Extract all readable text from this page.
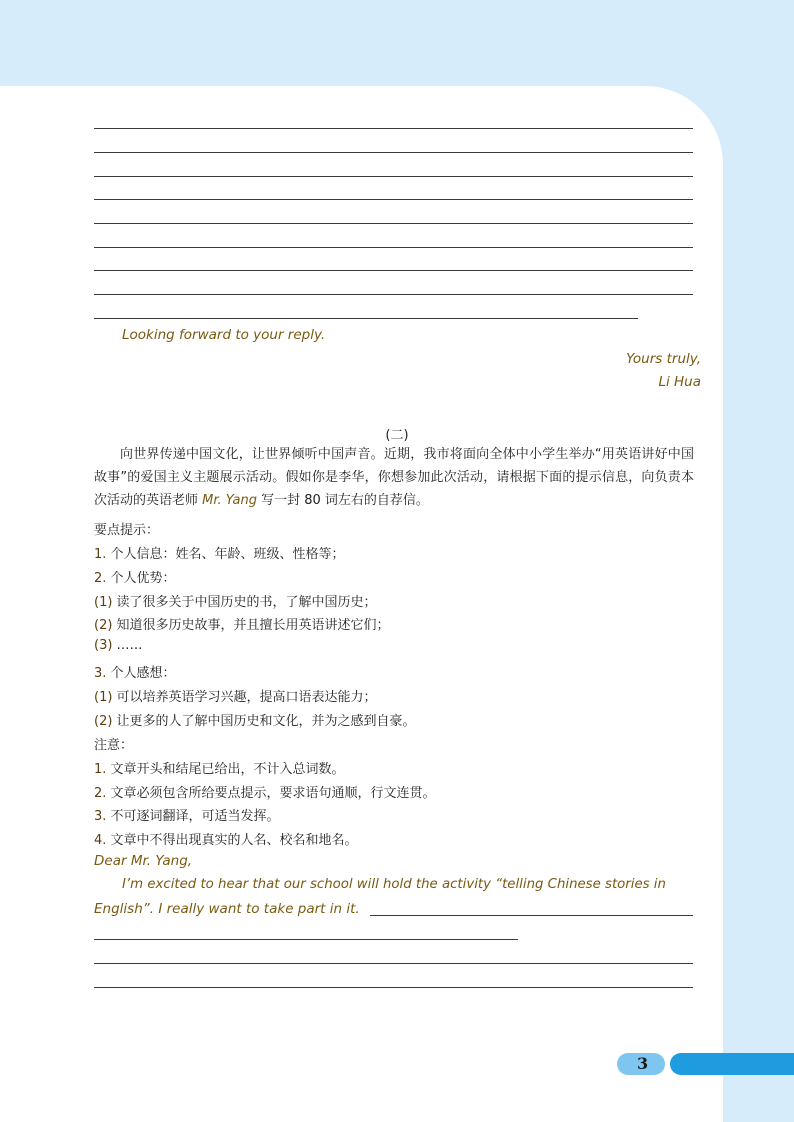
Looking forward to your reply.
Yours truly,
Li Hua
(二)
向世界传递中国文化，让世界倾听中国声音。近期，我市将面向全体中小学生举办“用英语讲好中国故事”的爱国主义主题展示活动。假如你是李华，你想参加此次活动，请根据下面的提示信息，向负责本次活动的英语老师 Mr. Yang 写一封 80 词左右的自荐信。
要点提示：
1. 个人信息：姓名、年龄、班级、性格等；
2. 个人优势：
(1) 读了很多关于中国历史的书，了解中国历史；
(2) 知道很多历史故事，并且擅长用英语讲述它们；
(3) ……
3. 个人感想：
(1) 可以培养英语学习兴趣，提高口语表达能力；
(2) 让更多的人了解中国历史和文化，并为之感到自豪。
注意：
1. 文章开头和结尾已给出，不计入总词数。
2. 文章必须包含所给要点提示，要求语句通顺，行文连贯。
3. 不可逐词翻译，可适当发挥。
4. 文章中不得出现真实的人名、校名和地名。
Dear Mr. Yang,
I’m excited to hear that our school will hold the activity “telling Chinese stories in
English”. I really want to take part in it.
3
